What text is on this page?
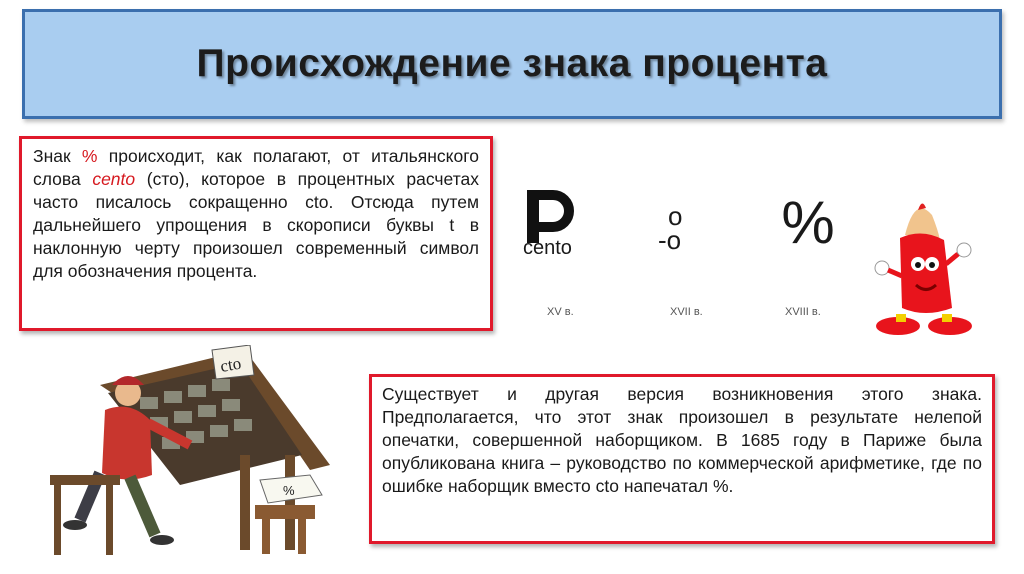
Происхождение знака процента

Знак % происходит, как полагают, от итальянского слова cento (сто), которое в процентных расчетах часто писалось сокращенно cto. Отсюда путем дальнейшего упрощения в скорописи буквы t в наклонную черту произошел современный символ для обозначения процента.

Существует и другая версия возникновения этого знака. Предполагается, что этот знак произошел в результате нелепой опечатки, совершенной наборщиком. В 1685 году в Париже была опубликована книга – руководство по коммерческой арифметике, где по ошибке наборщик вместо cto напечатал %.

cento
XV в.
o
-o
XVII в.
%
XVIII в.
cto
%
